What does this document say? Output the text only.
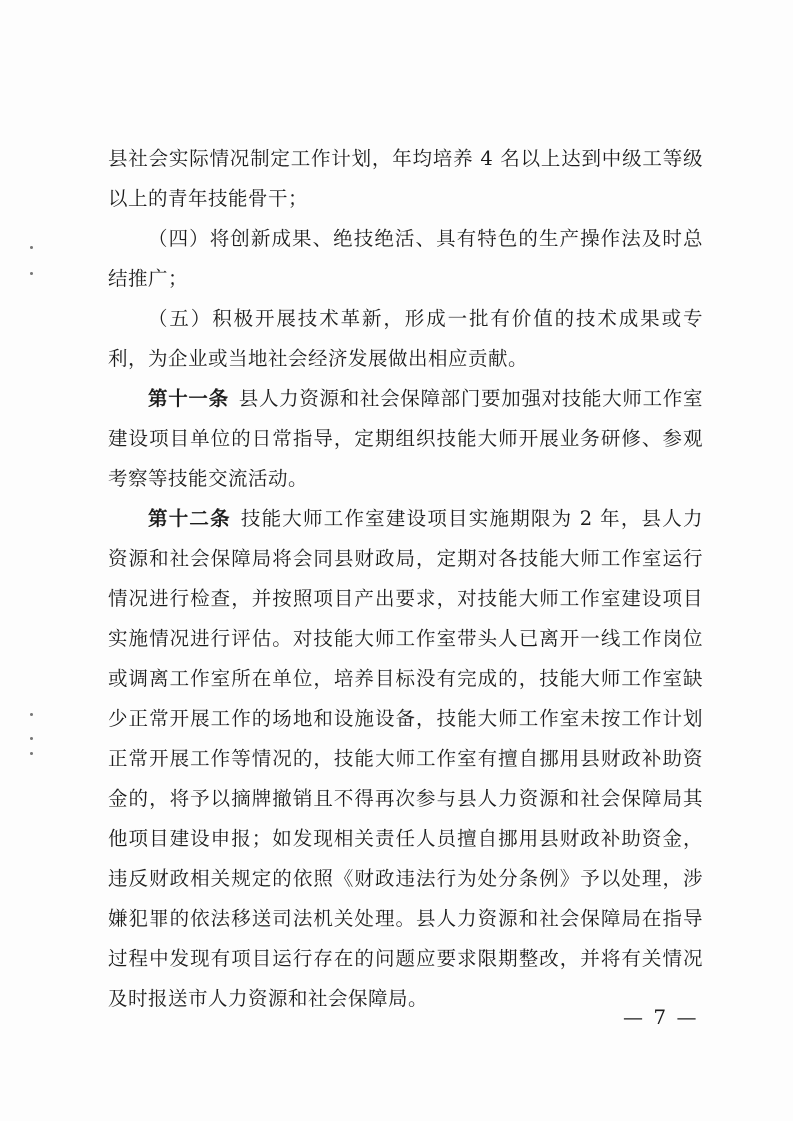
县社会实际情况制定工作计划，年均培养 4 名以上达到中级工等级以上的青年技能骨干；

（四）将创新成果、绝技绝活、具有特色的生产操作法及时总结推广；

（五）积极开展技术革新，形成一批有价值的技术成果或专利，为企业或当地社会经济发展做出相应贡献。

第十一条 县人力资源和社会保障部门要加强对技能大师工作室建设项目单位的日常指导，定期组织技能大师开展业务研修、参观考察等技能交流活动。

第十二条 技能大师工作室建设项目实施期限为 2 年，县人力资源和社会保障局将会同县财政局，定期对各技能大师工作室运行情况进行检查，并按照项目产出要求，对技能大师工作室建设项目实施情况进行评估。对技能大师工作室带头人已离开一线工作岗位或调离工作室所在单位，培养目标没有完成的，技能大师工作室缺少正常开展工作的场地和设施设备，技能大师工作室未按工作计划正常开展工作等情况的，技能大师工作室有擅自挪用县财政补助资金的，将予以摘牌撤销且不得再次参与县人力资源和社会保障局其他项目建设申报；如发现相关责任人员擅自挪用县财政补助资金，违反财政相关规定的依照《财政违法行为处分条例》予以处理，涉嫌犯罪的依法移送司法机关处理。县人力资源和社会保障局在指导过程中发现有项目运行存在的问题应要求限期整改，并将有关情况及时报送市人力资源和社会保障局。

— 7 —
